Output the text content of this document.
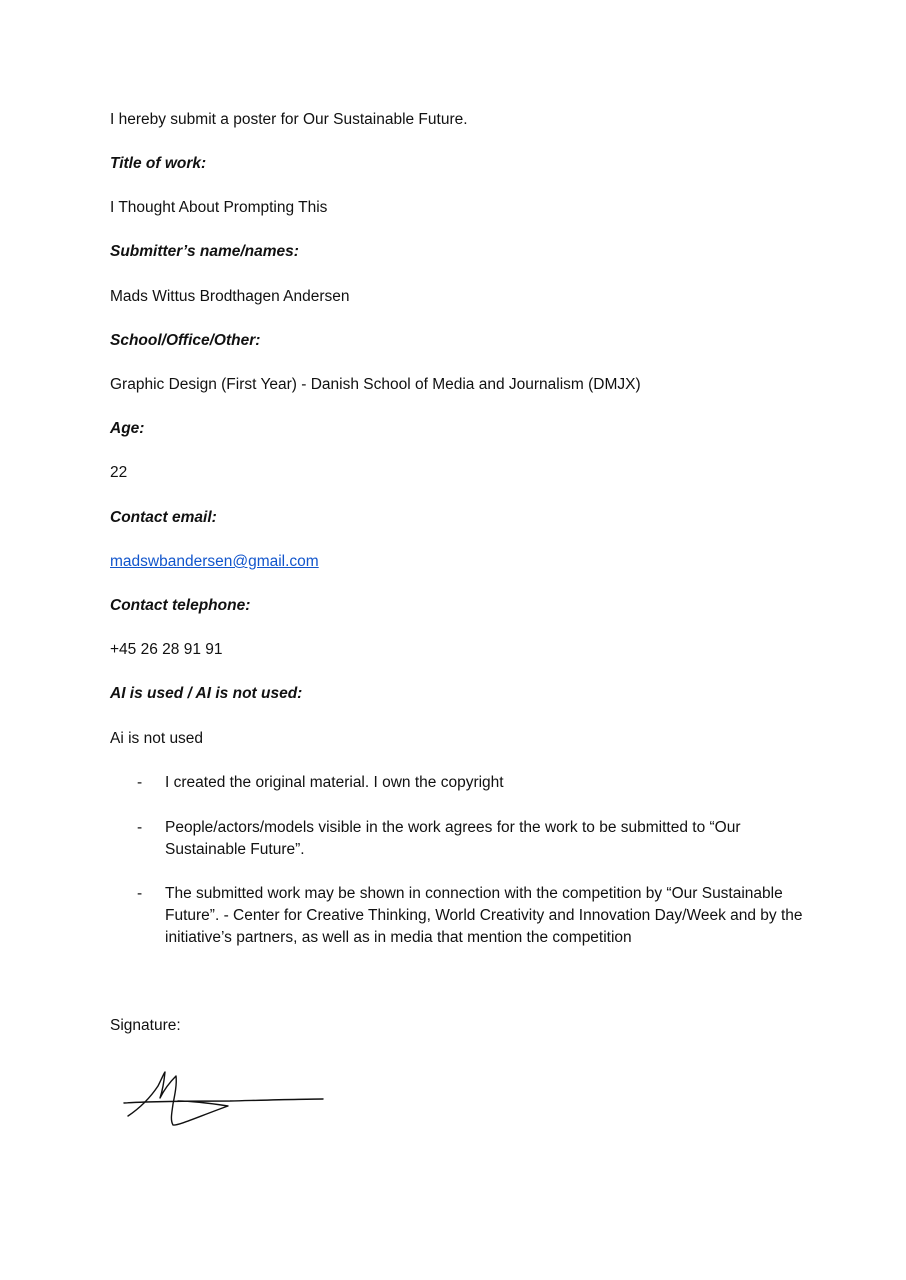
I hereby submit a poster for Our Sustainable Future.
Title of work:
I Thought About Prompting This
Submitter’s name/names:
Mads Wittus Brodthagen Andersen
School/Office/Other:
Graphic Design (First Year) - Danish School of Media and Journalism (DMJX)
Age:
22
Contact email:
madswbandersen@gmail.com
Contact telephone:
+45 26 28 91 91
AI is used / AI is not used:
Ai is not used
- I created the original material. I own the copyright
- People/actors/models visible in the work agrees for the work to be submitted to “Our Sustainable Future”.
- The submitted work may be shown in connection with the competition by “Our Sustainable Future”. - Center for Creative Thinking, World Creativity and Innovation Day/Week and by the initiative’s partners, as well as in media that mention the competition
Signature:
